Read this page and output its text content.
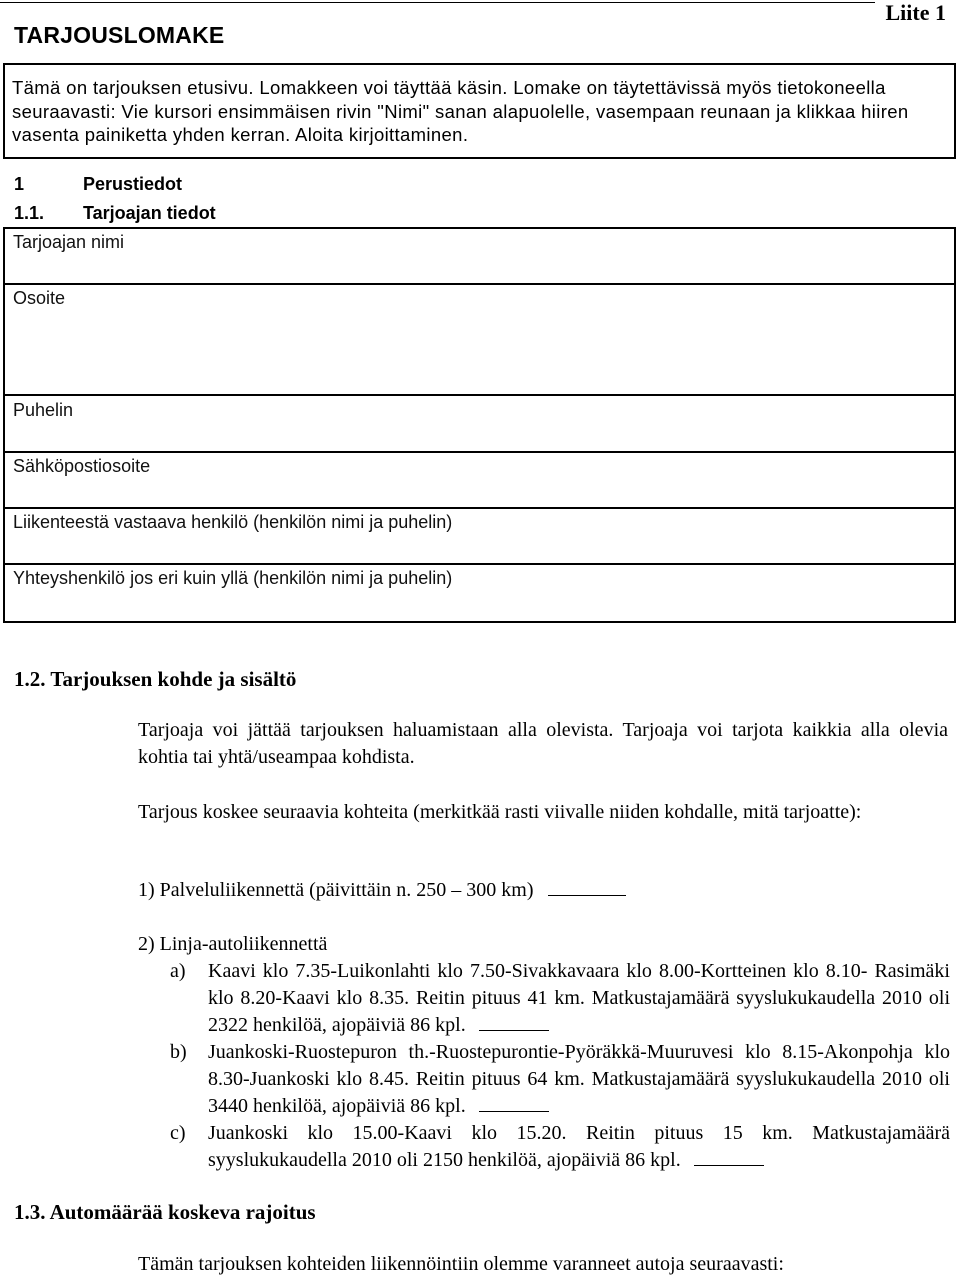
TARJOUSLOMAKE
Liite 1
Tämä on tarjouksen etusivu. Lomakkeen voi täyttää käsin. Lomake on täytettävissä myös tietokoneella seuraavasti: Vie kursori ensimmäisen rivin "Nimi" sanan alapuolelle, vasempaan reunaan ja klikkaa hiiren vasenta painiketta yhden kerran. Aloita kirjoittaminen.
1	Perustiedot
1.1. Tarjoajan tiedot
Tarjoajan nimi
Osoite
Puhelin
Sähköpostiosoite
Liikenteestä vastaava henkilö (henkilön nimi ja puhelin)
Yhteyshenkilö jos eri kuin yllä (henkilön nimi ja puhelin)
1.2. Tarjouksen kohde ja sisältö
Tarjoaja voi jättää tarjouksen haluamistaan alla olevista. Tarjoaja voi tarjota kaikkia alla olevia kohtia tai yhtä/useampaa kohdista.
Tarjous koskee seuraavia kohteita (merkitkää rasti viivalle niiden kohdalle, mitä tarjoatte):
1) Palveluliikennettä (päivittäin n. 250 – 300 km)
2) Linja-autoliikennettä
a) Kaavi klo 7.35-Luikonlahti klo 7.50-Sivakkavaara klo 8.00-Kortteinen klo 8.10- Rasimäki klo 8.20-Kaavi klo 8.35. Reitin pituus 41 km. Matkustajamäärä syyslukukaudella 2010 oli 2322 henkilöä, ajopäiviä 86 kpl.
b) Juankoski-Ruostepuron th.-Ruostepurontie-Pyöräkkä-Muuruvesi klo 8.15-Akonpohja klo 8.30-Juankoski klo 8.45. Reitin pituus 64 km. Matkustajamäärä syyslukukaudella 2010 oli 3440 henkilöä, ajopäiviä 86 kpl.
c) Juankoski klo 15.00-Kaavi klo 15.20. Reitin pituus 15 km. Matkustajamäärä syyslukukaudella 2010 oli 2150 henkilöä, ajopäiviä 86 kpl.
1.3. Automäärää koskeva rajoitus
Tämän tarjouksen kohteiden liikennöintiin olemme varanneet autoja seuraavasti:
